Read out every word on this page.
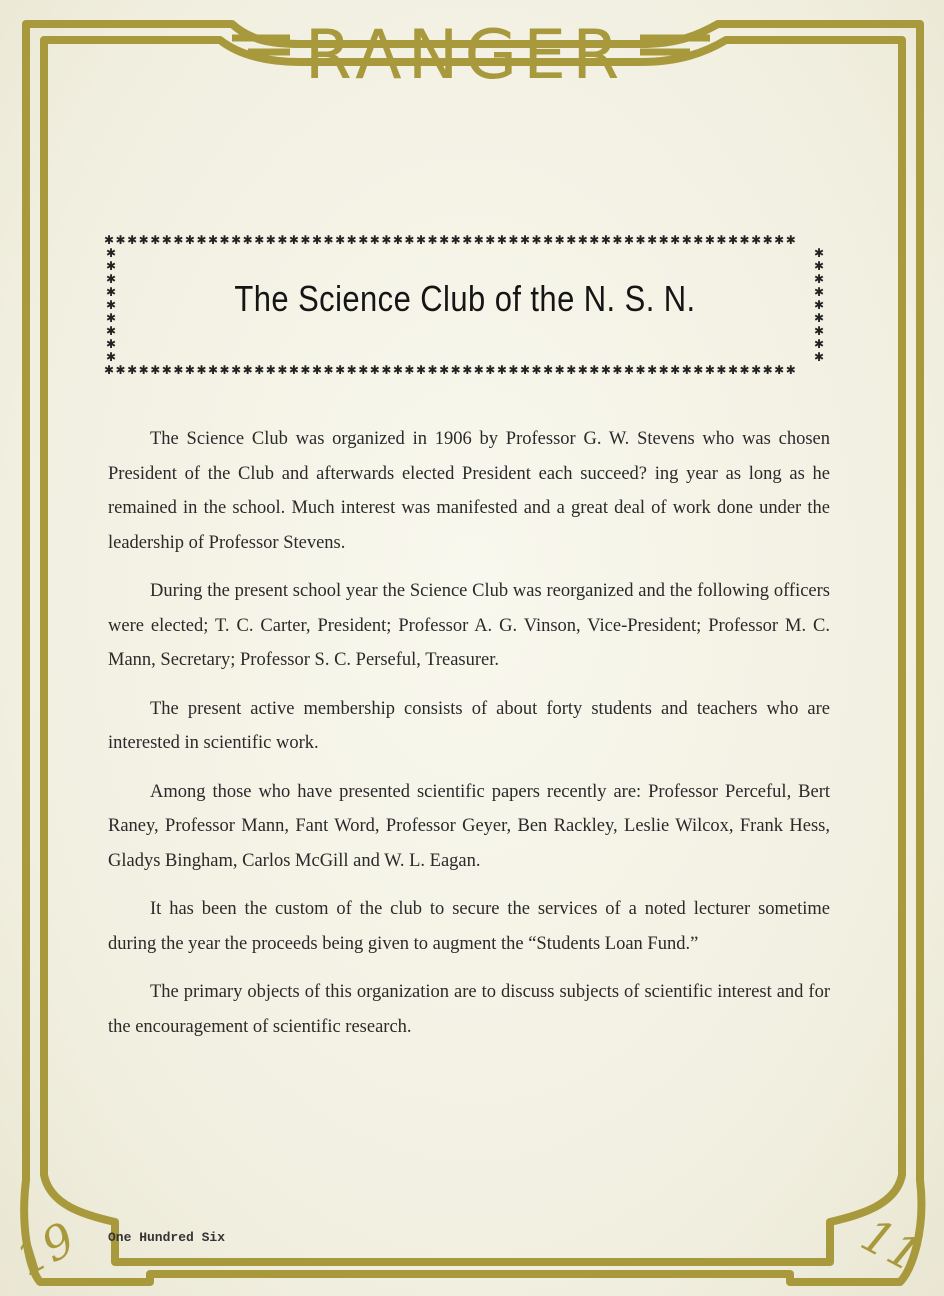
RANGER
19	11
✱✱✱✱✱✱✱✱✱✱✱✱✱✱✱✱✱✱✱✱✱✱✱✱✱✱✱✱✱✱✱✱✱✱✱✱✱✱✱✱✱✱✱✱✱✱✱✱✱✱✱✱✱✱✱✱✱✱✱✱
✱✱✱✱✱✱✱✱✱✱✱✱✱✱✱✱✱✱✱✱✱✱✱✱✱✱✱✱✱✱✱✱✱✱✱✱✱✱✱✱✱✱✱✱✱✱✱✱✱✱✱✱✱✱✱✱✱✱✱✱
✱✱✱✱✱✱✱✱✱
✱✱✱✱✱✱✱✱✱
The Science Club of the N. S. N.

The Science Club was organized in 1906 by Professor G. W. Stevens who was chosen President of the Club and afterwards elected President each succeed? ing year as long as he remained in the school. Much interest was manifested and a great deal of work done under the leadership of Professor Stevens.

During the present school year the Science Club was reorganized and the following officers were elected; T. C. Carter, President; Professor A. G. Vinson, Vice-President; Professor M. C. Mann, Secretary; Professor S. C. Perseful, Treasurer.

The present active membership consists of about forty students and teachers who are interested in scientific work.

Among those who have presented scientific papers recently are: Professor Perceful, Bert Raney, Professor Mann, Fant Word, Professor Geyer, Ben Rackley, Leslie Wilcox, Frank Hess, Gladys Bingham, Carlos McGill and W. L. Eagan.

It has been the custom of the club to secure the services of a noted lecturer sometime during the year the proceeds being given to augment the “Students Loan Fund.”

The primary objects of this organization are to discuss subjects of scientific interest and for the encouragement of scientific research.

One Hundred Six
